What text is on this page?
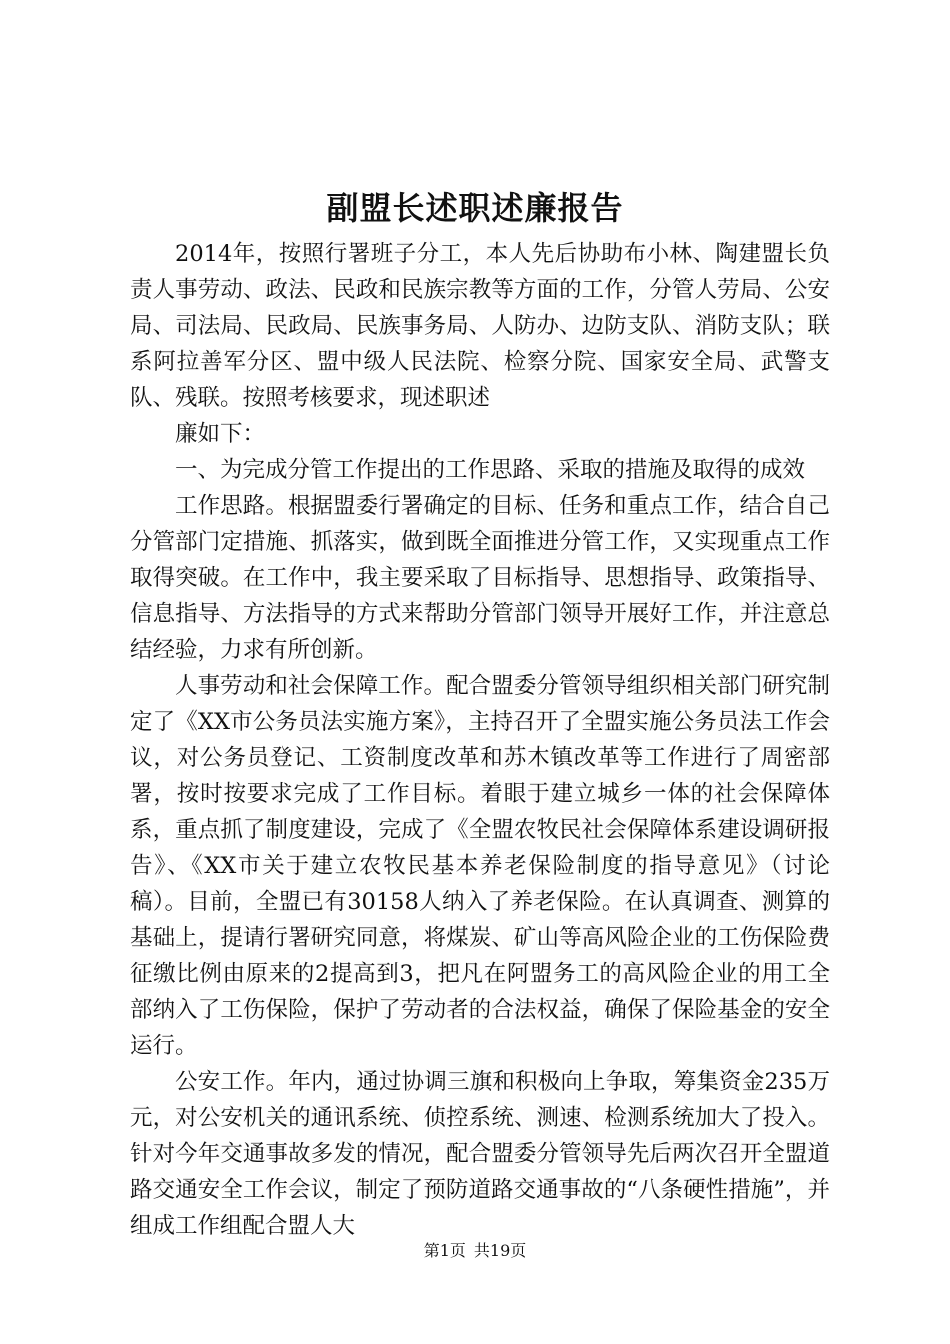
副盟长述职述廉报告

2014年，按照行署班子分工，本人先后协助布小林、陶建盟长负责人事劳动、政法、民政和民族宗教等方面的工作，分管人劳局、公安局、司法局、民政局、民族事务局、人防办、边防支队、消防支队；联系阿拉善军分区、盟中级人民法院、检察分院、国家安全局、武警支队、残联。按照考核要求，现述职述

廉如下：

一、为完成分管工作提出的工作思路、采取的措施及取得的成效

工作思路。根据盟委行署确定的目标、任务和重点工作，结合自己分管部门定措施、抓落实，做到既全面推进分管工作，又实现重点工作取得突破。在工作中，我主要采取了目标指导、思想指导、政策指导、信息指导、方法指导的方式来帮助分管部门领导开展好工作，并注意总结经验，力求有所创新。

人事劳动和社会保障工作。配合盟委分管领导组织相关部门研究制定了《XX市公务员法实施方案》，主持召开了全盟实施公务员法工作会议，对公务员登记、工资制度改革和苏木镇改革等工作进行了周密部署，按时按要求完成了工作目标。着眼于建立城乡一体的社会保障体系，重点抓了制度建设，完成了《全盟农牧民社会保障体系建设调研报告》、《XX市关于建立农牧民基本养老保险制度的指导意见》（讨论稿）。目前，全盟已有30158人纳入了养老保险。在认真调查、测算的基础上，提请行署研究同意，将煤炭、矿山等高风险企业的工伤保险费征缴比例由原来的2提高到3，把凡在阿盟务工的高风险企业的用工全部纳入了工伤保险，保护了劳动者的合法权益，确保了保险基金的安全运行。

公安工作。年内，通过协调三旗和积极向上争取，筹集资金235万元，对公安机关的通讯系统、侦控系统、测速、检测系统加大了投入。针对今年交通事故多发的情况，配合盟委分管领导先后两次召开全盟道路交通安全工作会议，制定了预防道路交通事故的“八条硬性措施”，并组成工作组配合盟人大

第1页 共19页
